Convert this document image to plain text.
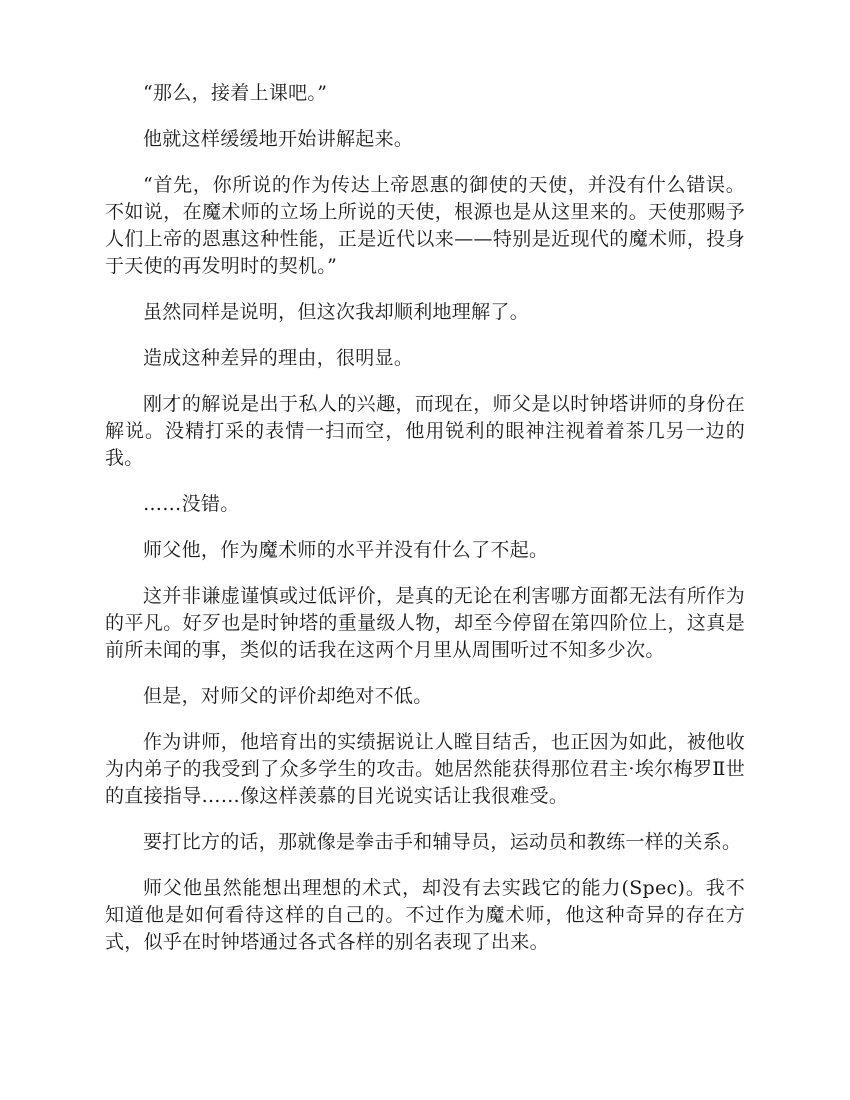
“那么，接着上课吧。”

他就这样缓缓地开始讲解起来。

“首先，你所说的作为传达上帝恩惠的御使的天使，并没有什么错误。不如说，在魔术师的立场上所说的天使，根源也是从这里来的。天使那赐予人们上帝的恩惠这种性能，正是近代以来——特别是近现代的魔术师，投身于天使的再发明时的契机。”

虽然同样是说明，但这次我却顺利地理解了。

造成这种差异的理由，很明显。

刚才的解说是出于私人的兴趣，而现在，师父是以时钟塔讲师的身份在解说。没精打采的表情一扫而空，他用锐利的眼神注视着着茶几另一边的我。

……没错。

师父他，作为魔术师的水平并没有什么了不起。

这并非谦虚谨慎或过低评价，是真的无论在利害哪方面都无法有所作为的平凡。好歹也是时钟塔的重量级人物，却至今停留在第四阶位上，这真是前所未闻的事，类似的话我在这两个月里从周围听过不知多少次。

但是，对师父的评价却绝对不低。

作为讲师，他培育出的实绩据说让人瞠目结舌，也正因为如此，被他收为内弟子的我受到了众多学生的攻击。她居然能获得那位君主·埃尔梅罗Ⅱ世的直接指导……像这样羡慕的目光说实话让我很难受。

要打比方的话，那就像是拳击手和辅导员，运动员和教练一样的关系。

师父他虽然能想出理想的术式，却没有去实践它的能力(Spec)。我不知道他是如何看待这样的自己的。不过作为魔术师，他这种奇异的存在方式，似乎在时钟塔通过各式各样的别名表现了出来。
